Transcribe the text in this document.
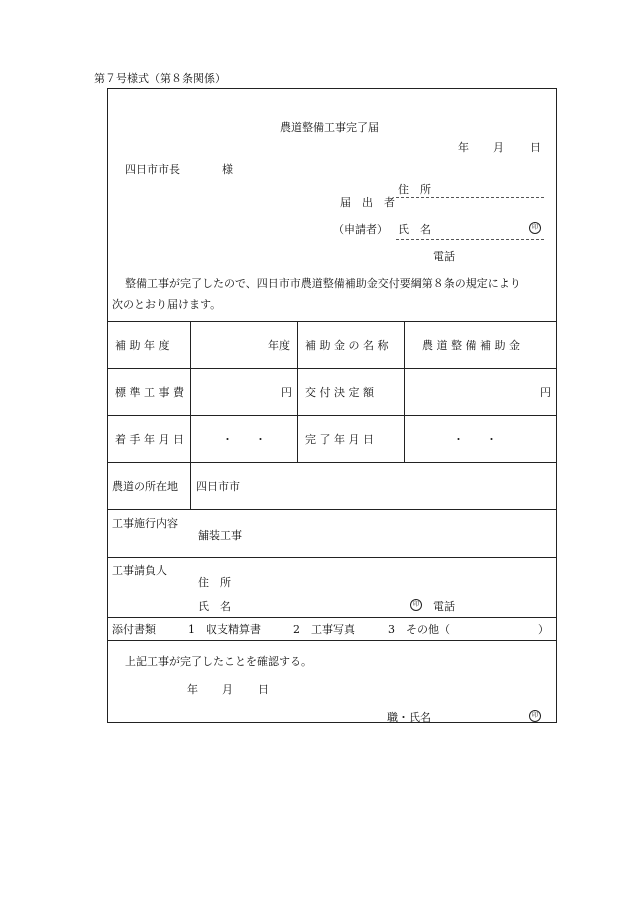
第７号様式（第８条関係）
農道整備工事完了届
年 月 日
四日市市長	様
住　所
届　出　者
（申請者） 氏　名	印
電話
整備工事が完了したので、四日市市農道整備補助金交付要綱第８条の規定により
次のとおり届けます。
補 助 年 度	年度 補 助 金 の 名 称	農 道 整 備 補 助 金
標 準 工 事 費	円 交 付 決 定 額	円
着 手 年 月 日	・　　・	完 了 年 月 日	・　　・
農道の所在地 四日市市
工事施行内容
舗装工事
工事請負人
住　所
氏　名	印 電話
添付書類	1　収支精算書	2　工事写真	3　その他（	）
上記工事が完了したことを確認する。
年 月 日
職・氏名	印
